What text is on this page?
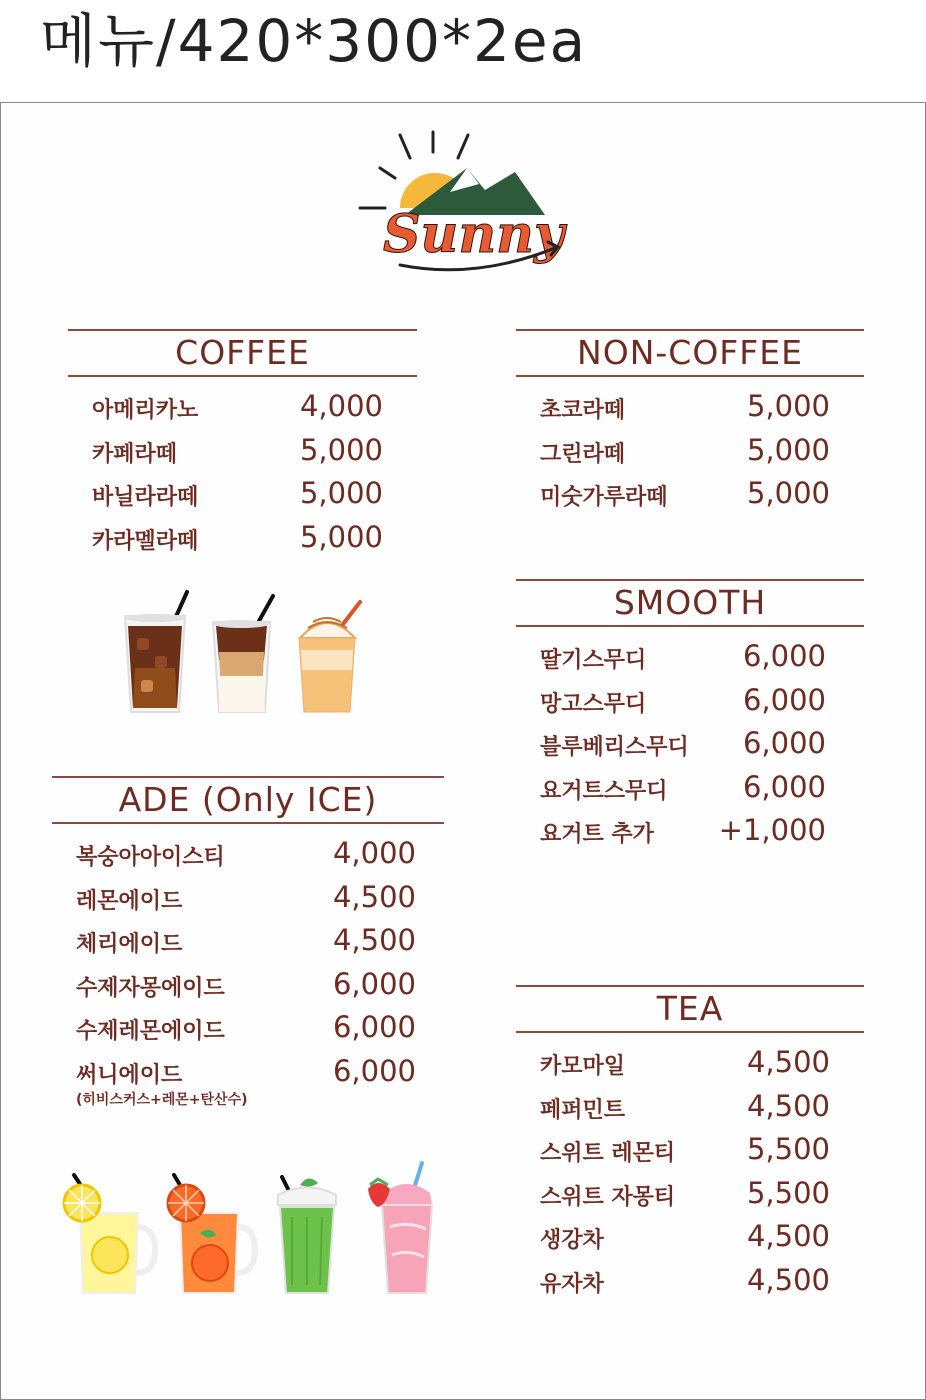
메뉴/420*300*2ea
Sunny
COFFEE
아메리카노	4,000
카페라떼	5,000
바닐라라떼	5,000
카라멜라떼	5,000
NON-COFFEE
초코라떼	5,000
그린라떼	5,000
미숫가루라떼	5,000
SMOOTH
딸기스무디	6,000
망고스무디	6,000
블루베리스무디 6,000
요거트스무디	6,000
요거트 추가 +1,000
ADE (Only ICE)
복숭아아이스티	4,000
레몬에이드	4,500
체리에이드	4,500
수제자몽에이드	6,000
수제레몬에이드	6,000
써니에이드	6,000
(히비스커스+레몬+탄산수)
TEA
카모마일	4,500
페퍼민트	4,500
스위트 레몬티 5,500
스위트 자몽티 5,500
생강차	4,500
유자차	4,500
